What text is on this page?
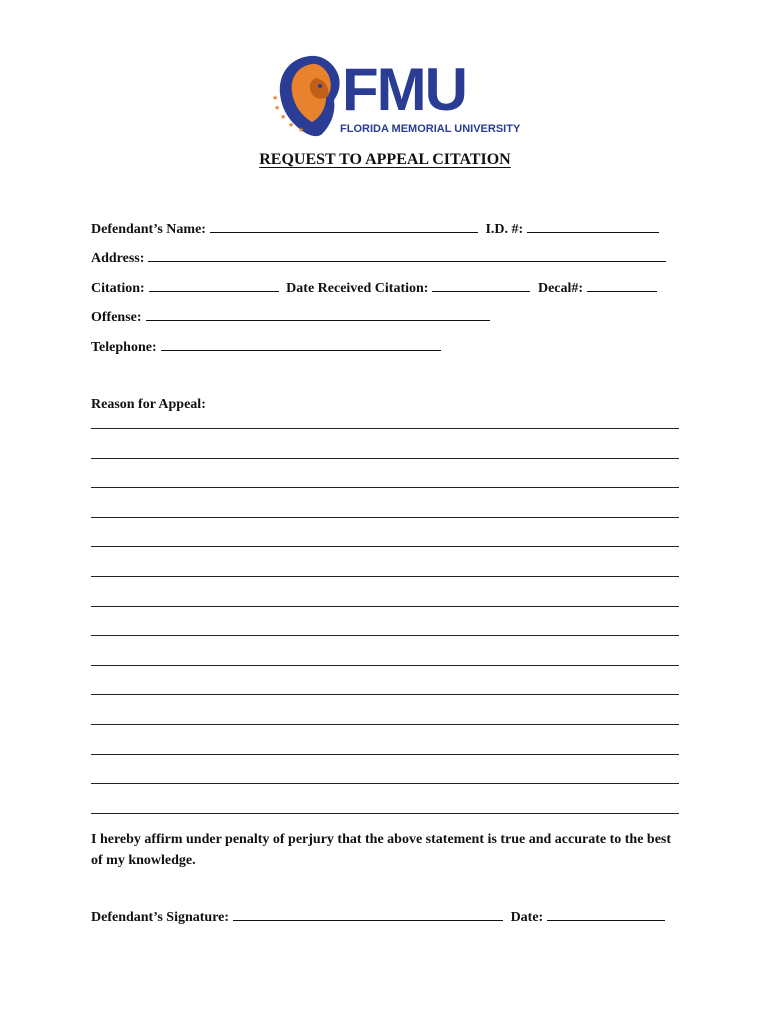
★
★
★
★
★
FMU
FLORIDA MEMORIAL UNIVERSITY
REQUEST TO APPEAL CITATION
Defendant’s Name:	I.D. #:
Address:
Citation:	Date Received Citation:	Decal#:
Offense:
Telephone:
Reason for Appeal:
I hereby affirm under penalty of perjury that the above statement is true and accurate to the best of my knowledge.
Defendant’s Signature:	Date:
